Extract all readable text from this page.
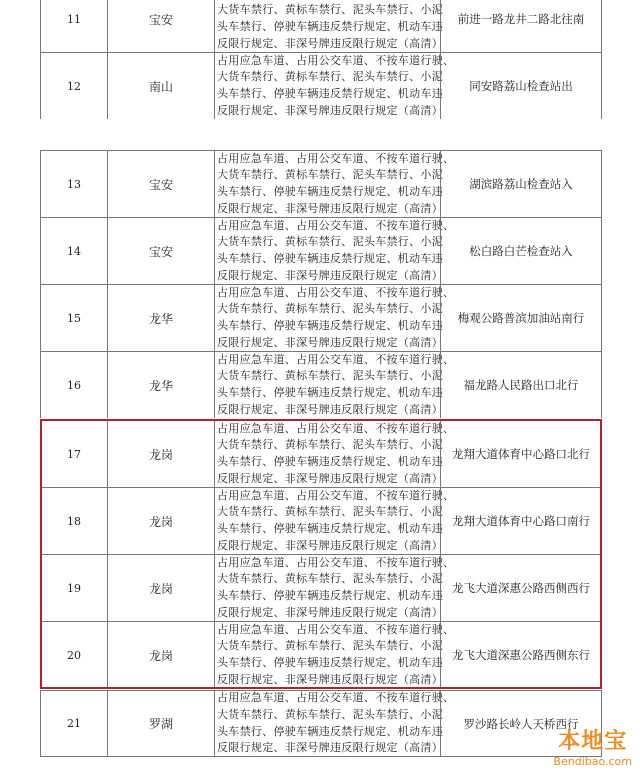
11	宝安

大货车禁行、黄标车禁行、泥头车禁行、小泥
头车禁行、停驶车辆违反禁行规定、机动车违
反限行规定、非深号牌违反限行规定（高清）
前进一路龙井二路北往南
12	南山
占用应急车道、占用公交车道、不按车道行驶、
大货车禁行、黄标车禁行、泥头车禁行、小泥
头车禁行、停驶车辆违反禁行规定、机动车违
反限行规定、非深号牌违反限行规定（高清）
同安路荔山检查站出
13	宝安
占用应急车道、占用公交车道、不按车道行驶、
大货车禁行、黄标车禁行、泥头车禁行、小泥
头车禁行、停驶车辆违反禁行规定、机动车违
反限行规定、非深号牌违反限行规定（高清）
湖滨路荔山检查站入
14	宝安
占用应急车道、占用公交车道、不按车道行驶、
大货车禁行、黄标车禁行、泥头车禁行、小泥
头车禁行、停驶车辆违反禁行规定、机动车违
反限行规定、非深号牌违反限行规定（高清）
松白路白芒检查站入
15	龙华
占用应急车道、占用公交车道、不按车道行驶、
大货车禁行、黄标车禁行、泥头车禁行、小泥
头车禁行、停驶车辆违反禁行规定、机动车违
反限行规定、非深号牌违反限行规定（高清）
梅观公路普滨加油站南行
16	龙华
占用应急车道、占用公交车道、不按车道行驶、
大货车禁行、黄标车禁行、泥头车禁行、小泥
头车禁行、停驶车辆违反禁行规定、机动车违
反限行规定、非深号牌违反限行规定（高清）
福龙路人民路出口北行
17	龙岗
占用应急车道、占用公交车道、不按车道行驶、
大货车禁行、黄标车禁行、泥头车禁行、小泥
头车禁行、停驶车辆违反禁行规定、机动车违
反限行规定、非深号牌违反限行规定（高清）
龙翔大道体育中心路口北行
18	龙岗
占用应急车道、占用公交车道、不按车道行驶、
大货车禁行、黄标车禁行、泥头车禁行、小泥
头车禁行、停驶车辆违反禁行规定、机动车违
反限行规定、非深号牌违反限行规定（高清）
龙翔大道体育中心路口南行
19	龙岗
占用应急车道、占用公交车道、不按车道行驶、
大货车禁行、黄标车禁行、泥头车禁行、小泥
头车禁行、停驶车辆违反禁行规定、机动车违
反限行规定、非深号牌违反限行规定（高清）
龙飞大道深惠公路西侧西行
20	龙岗
占用应急车道、占用公交车道、不按车道行驶、
大货车禁行、黄标车禁行、泥头车禁行、小泥
头车禁行、停驶车辆违反禁行规定、机动车违
反限行规定、非深号牌违反限行规定（高清）
龙飞大道深惠公路西侧东行
21	罗湖
占用应急车道、占用公交车道、不按车道行驶、
大货车禁行、黄标车禁行、泥头车禁行、小泥
头车禁行、停驶车辆违反禁行规定、机动车违
反限行规定、非深号牌违反限行规定（高清）
罗沙路长岭人天桥西行
本地宝
Bendibao.com
